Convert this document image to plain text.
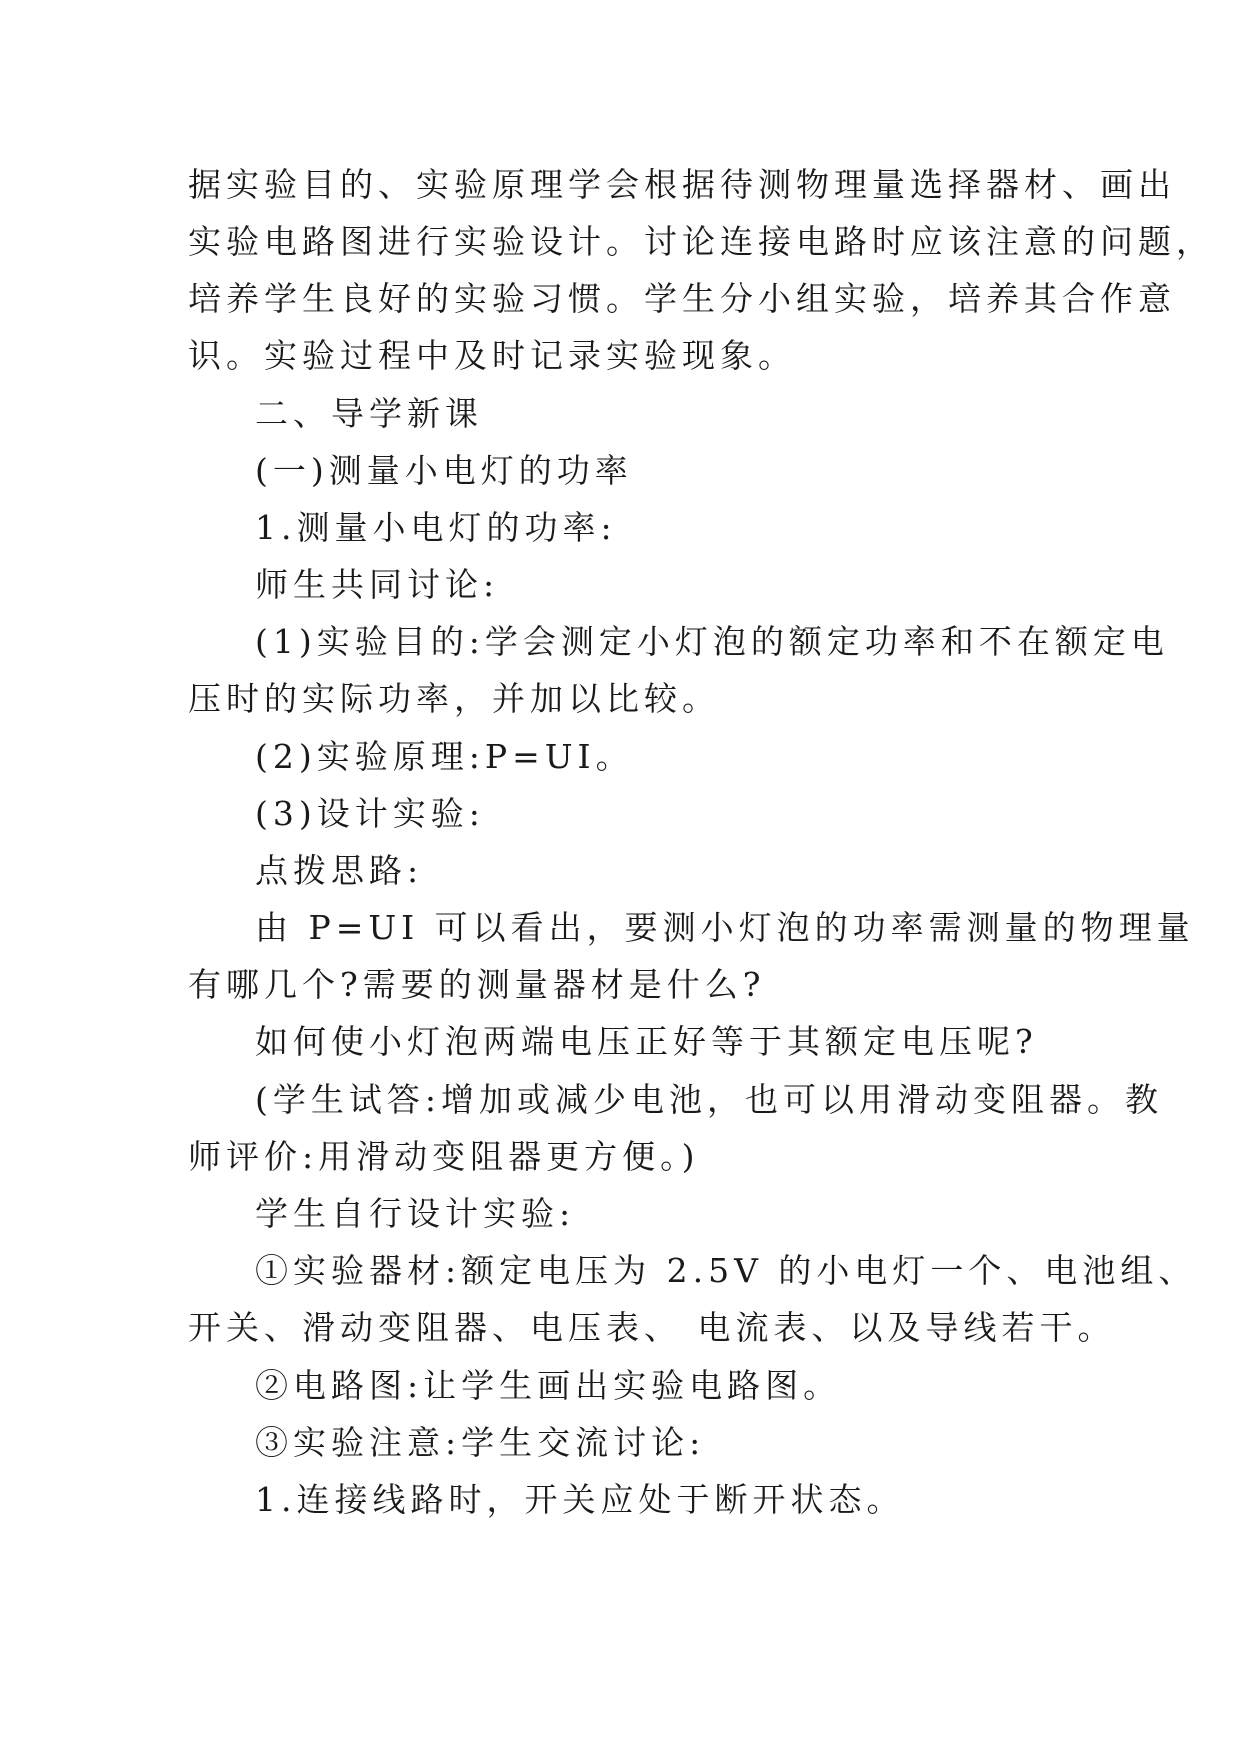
据实验目的、实验原理学会根据待测物理量选择器材、画出

实验电路图进行实验设计。讨论连接电路时应该注意的问题，

培养学生良好的实验习惯。学生分小组实验，培养其合作意

识。实验过程中及时记录实验现象。

二、导学新课

(一)测量小电灯的功率

1.测量小电灯的功率:

师生共同讨论:

(1)实验目的:学会测定小灯泡的额定功率和不在额定电

压时的实际功率，并加以比较。

(2)实验原理:P=UI。

(3)设计实验:

点拨思路:

由 P=UI 可以看出，要测小灯泡的功率需测量的物理量

有哪几个?需要的测量器材是什么?

如何使小灯泡两端电压正好等于其额定电压呢?

(学生试答:增加或减少电池，也可以用滑动变阻器。教

师评价:用滑动变阻器更方便。)

学生自行设计实验:

①实验器材:额定电压为 2.5V 的小电灯一个、电池组、

开关、滑动变阻器、电压表、 电流表、以及导线若干。

②电路图:让学生画出实验电路图。

③实验注意:学生交流讨论:

1.连接线路时，开关应处于断开状态。
